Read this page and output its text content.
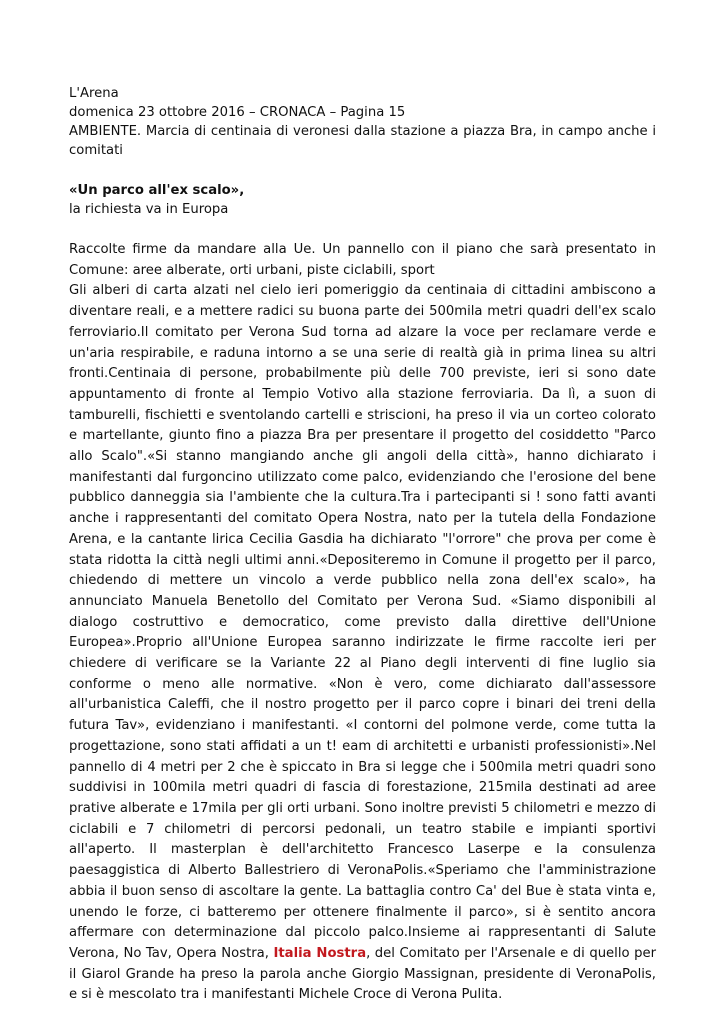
L'Arena

domenica 23 ottobre 2016 – CRONACA – Pagina 15

AMBIENTE. Marcia di centinaia di veronesi dalla stazione a piazza Bra, in campo anche i comitati

«Un parco all'ex scalo»,

la richiesta va in Europa

Raccolte firme da mandare alla Ue. Un pannello con il piano che sarà presentato in Comune: aree alberate, orti urbani, piste ciclabili, sport

Gli alberi di carta alzati nel cielo ieri pomeriggio da centinaia di cittadini ambiscono a diventare reali, e a mettere radici su buona parte dei 500mila metri quadri dell'ex scalo ferroviario.Il comitato per Verona Sud torna ad alzare la voce per reclamare verde e un'aria respirabile, e raduna intorno a se una serie di realtà già in prima linea su altri fronti.Centinaia di persone, probabilmente più delle 700 previste, ieri si sono date appuntamento di fronte al Tempio Votivo alla stazione ferroviaria. Da lì, a suon di tamburelli, fischietti e sventolando cartelli e striscioni, ha preso il via un corteo colorato e martellante, giunto fino a piazza Bra per presentare il progetto del cosiddetto "Parco allo Scalo".«Si stanno mangiando anche gli angoli della città», hanno dichiarato i manifestanti dal furgoncino utilizzato come palco, evidenziando che l'erosione del bene pubblico danneggia sia l'ambiente che la cultura.Tra i partecipanti si ! sono fatti avanti anche i rappresentanti del comitato Opera Nostra, nato per la tutela della Fondazione Arena, e la cantante lirica Cecilia Gasdia ha dichiarato "l'orrore" che prova per come è stata ridotta la città negli ultimi anni.«Depositeremo in Comune il progetto per il parco, chiedendo di mettere un vincolo a verde pubblico nella zona dell'ex scalo», ha annunciato Manuela Benetollo del Comitato per Verona Sud. «Siamo disponibili al dialogo costruttivo e democratico, come previsto dalla direttive dell'Unione Europea».Proprio all'Unione Europea saranno indirizzate le firme raccolte ieri per chiedere di verificare se la Variante 22 al Piano degli interventi di fine luglio sia conforme o meno alle normative. «Non è vero, come dichiarato dall'assessore all'urbanistica Caleffi, che il nostro progetto per il parco copre i binari dei treni della futura Tav», evidenziano i manifestanti. «I contorni del polmone verde, come tutta la progettazione, sono stati affidati a un t! eam di architetti e urbanisti professionisti».Nel pannello di 4 metri per 2 che è spiccato in Bra si legge che i 500mila metri quadri sono suddivisi in 100mila metri quadri di fascia di forestazione, 215mila destinati ad aree prative alberate e 17mila per gli orti urbani. Sono inoltre previsti 5 chilometri e mezzo di ciclabili e 7 chilometri di percorsi pedonali, un teatro stabile e impianti sportivi all'aperto. Il masterplan è dell'architetto Francesco Laserpe e la consulenza paesaggistica di Alberto Ballestriero di VeronaPolis.«Speriamo che l'amministrazione abbia il buon senso di ascoltare la gente. La battaglia contro Ca' del Bue è stata vinta e, unendo le forze, ci batteremo per ottenere finalmente il parco», si è sentito ancora affermare con determinazione dal piccolo palco.Insieme ai rappresentanti di Salute Verona, No Tav, Opera Nostra, Italia Nostra, del Comitato per l'Arsenale e di quello per il Giarol Grande ha preso la parola anche Giorgio Massignan, presidente di VeronaPolis, e si è mescolato tra i manifestanti Michele Croce di Verona Pulita.
